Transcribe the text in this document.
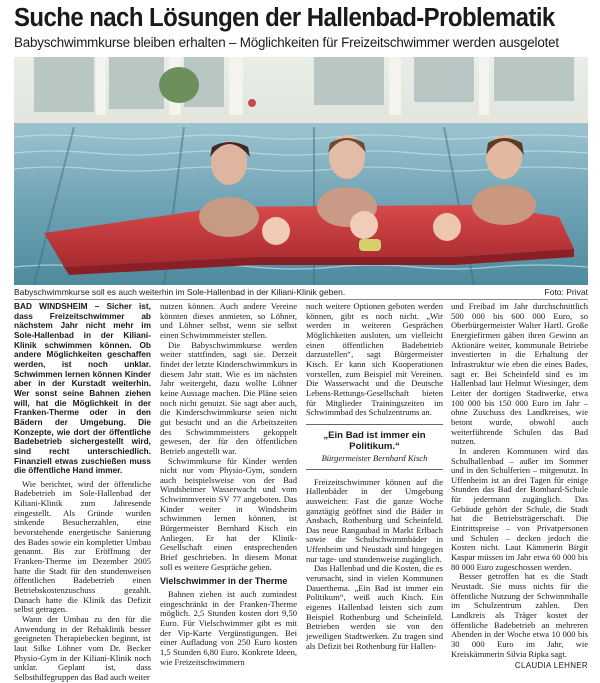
Suche nach Lösungen der Hallenbad-Problematik
Babyschwimmkurse bleiben erhalten – Möglichkeiten für Freizeitschwimmer werden ausgelotet
Babyschwimmkurse soll es auch weiterhin im Sole-Hallenbad in der Kiliani-Klinik geben.	Foto: Privat

BAD WINDSHEIM – Sicher ist, dass Freizeitschwimmer ab nächstem Jahr nicht mehr im Sole-Hallenbad in der Kiliani-Klinik schwimmen können. Ob andere Möglichkeiten geschaffen werden, ist noch unklar. Schwimmen lernen können Kinder aber in der Kurstadt weiterhin. Wer sonst seine Bahnen ziehen will, hat die Möglichkeit in der Franken-Therme oder in den Bädern der Umgebung. Die Konzepte, wie dort der öffentliche Badebetrieb sichergestellt wird, sind recht unterschiedlich. Finanziell etwas zuschießen muss die öffentliche Hand immer.

Wie berichtet, wird der öffentliche Badebetrieb im Sole-Hallenbad der Kiliani-Klinik zum Jahresende eingestellt. Als Gründe wurden sinkende Besucherzahlen, eine bevorstehende energetische Sanierung des Bades sowie ein kompletter Umbau genannt. Bis zur Eröffnung der Franken-Therme im Dezember 2005 hatte die Stadt für den stundenweisen öffentlichen Badebetrieb einen Betriebskostenzuschuss gezahlt. Danach hatte die Klinik das Defizit selbst getragen.

Wann der Umbau zu den für die Anwendung in der Rehaklinik besser geeigneten Therapiebecken beginnt, ist laut Silke Löhner vom Dr. Becker Physio-Gym in der Kiliani-Klinik noch unklar. Geplant ist, dass Selbsthilfegruppen das Bad auch weiter

nutzen können. Auch andere Vereine könnten dieses anmieten, so Löhner, und Löhner selbst, wenn sie selbst einen Schwimmmeister stellen.

Die Babyschwimmkurse werden weiter stattfinden, sagt sie. Derzeit findet der letzte Kinderschwimmkurs in diesem Jahr statt. Wie es im nächsten Jahr weitergeht, dazu wollte Löhner keine Aussage machen. Die Pläne seien noch nicht genutzt. Sie sagt aber auch, die Kinderschwimmkurse seien nicht gut besucht und an die Arbeitszeiten des Schwimmmeisters gekoppelt gewesen, der für den öffentlichen Betrieb angestellt war.

Schwimmkurse für Kinder werden nicht nur vom Physio-Gym, sondern auch beispielsweise von der Bad Windsheimer Wasserwacht und vom Schwimmverein SV 77 angeboten. Das Kinder weiter in Windsheim schwimmen lernen können, ist Bürgermeister Bernhard Kisch ein Anliegen. Er hat der Klinik-Gesellschaft einen entsprechenden Brief geschrieben. In diesem Monat soll es weitere Gespräche geben.

Vielschwimmer in der Therme

Bahnen ziehen ist auch zumindest eingeschränkt in der Franken-Therme möglich. 2,5 Stunden kosten dort 9,50 Euro. Für Vielschwimmer gibt es mit der Vip-Karte Vergünstigungen. Bei einer Aufladung von 250 Euro kosten 1,5 Stunden 6,80 Euro. Konkrete Ideen, wie Freizeitschwimmern

noch weitere Optionen geboten werden können, gibt es noch nicht. „Wir werden in weiteren Gesprächen Möglichkeiten ausloten, um vielleicht einen öffentlichen Badebetrieb darzustellen“, sagt Bürgermeister Kisch. Er kann sich Kooperationen vorstellen, zum Beispiel mit Vereinen. Die Wasserwacht und die Deutsche Lebens-Rettungs-Gesellschaft bieten für Mitglieder Trainingszeiten im Schwimmbad des Schulzentrums an.

„Ein Bad ist immer ein Politikum.“
Bürgermeister Bernhard Kisch

Freizeitschwimmer können auf die Hallenbäder in der Umgebung ausweichen: Fast die ganze Woche ganztägig geöffnet sind die Bäder in Ansbach, Rothenburg und Scheinfeld. Das neue Rangaubad in Markt Erlbach sowie die Schulschwimmbäder in Uffenheim und Neustadt sind hingegen nur tage- und stundenweise zugänglich.

Das Hallenbad und die Kosten, die es verursacht, sind in vielen Kommunen Dauerthema. „Ein Bad ist immer ein Politikum“, weiß auch Kisch. Ein eigenes Hallenbad leisten sich zum Beispiel Rothenburg und Scheinfeld. Betrieben werden sie von den jeweiligen Stadtwerken. Zu tragen sind als Defizit bei Rothenburg für Hallen-

und Freibad im Jahr durchschnittlich 500 000 bis 600 000 Euro, so Oberbürgermeister Walter Hartl. Große Energiefirmen gäben ihren Gewinn an Aktionäre weiter, kommunale Betriebe investierten in die Erhaltung der Infrastruktur wie eben die eines Bades, sagt er. Bei Scheinfeld sind es im Hallenbad laut Helmut Wiesinger, dem Leiter der dortigen Stadtwerke, etwa 100 000 bis 150 000 Euro im Jahr – ohne Zuschuss des Landkreises, wie betont wurde, obwohl auch weiterführende Schulen das Bad nutzen.

In anderen Kommunen wird das Schulhallenbad – außer im Sommer und in den Schulferien – mitgenutzt. In Uffenheim ist an drei Tagen für einige Stunden das Bad der Bombard-Schule für jedermann zugänglich. Das Gebäude gehört der Schule, die Stadt hat die Betriebsträgerschaft. Die Eintrittspreise – von Privatpersonen und Schulen – decken jedoch die Kosten nicht. Laut Kämmerin Birgit Kaspar müssen im Jahr etwa 60 000 bis 80 000 Euro zugeschossen werden.

Besser getroffen hat es die Stadt Neustadt. Sie muss nichts für die öffentliche Nutzung der Schwimmhalle im Schulzentrum zahlen. Den Landkreis als Träger kostet der öffentliche Badebetrieb an mehreren Abenden in der Woche etwa 10 000 bis 30 000 Euro im Jahr, wie Kreiskämmerin Silvia Ripka sagt.

CLAUDIA LEHNER
